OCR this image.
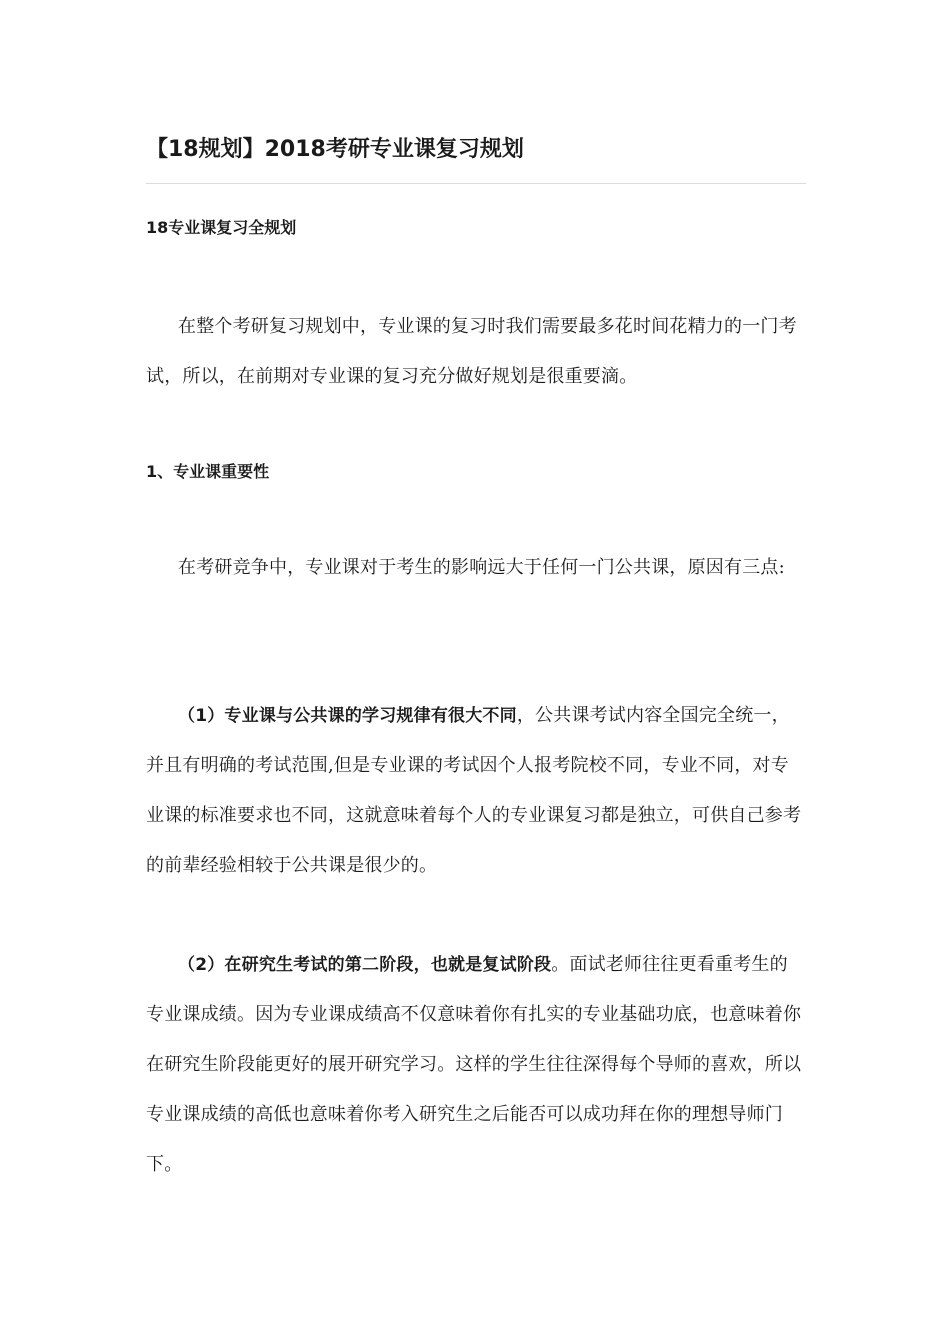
【18规划】2018考研专业课复习规划
18专业课复习全规划

在整个考研复习规划中，专业课的复习时我们需要最多花时间花精力的一门考试，所以，在前期对专业课的复习充分做好规划是很重要滴。

1、专业课重要性

在考研竞争中，专业课对于考生的影响远大于任何一门公共课，原因有三点:

（1）专业课与公共课的学习规律有很大不同，公共课考试内容全国完全统一，并且有明确的考试范围,但是专业课的考试因个人报考院校不同，专业不同，对专业课的标准要求也不同，这就意味着每个人的专业课复习都是独立，可供自己参考的前辈经验相较于公共课是很少的。

（2）在研究生考试的第二阶段，也就是复试阶段。面试老师往往更看重考生的专业课成绩。因为专业课成绩高不仅意味着你有扎实的专业基础功底，也意味着你在研究生阶段能更好的展开研究学习。这样的学生往往深得每个导师的喜欢，所以专业课成绩的高低也意味着你考入研究生之后能否可以成功拜在你的理想导师门下。
